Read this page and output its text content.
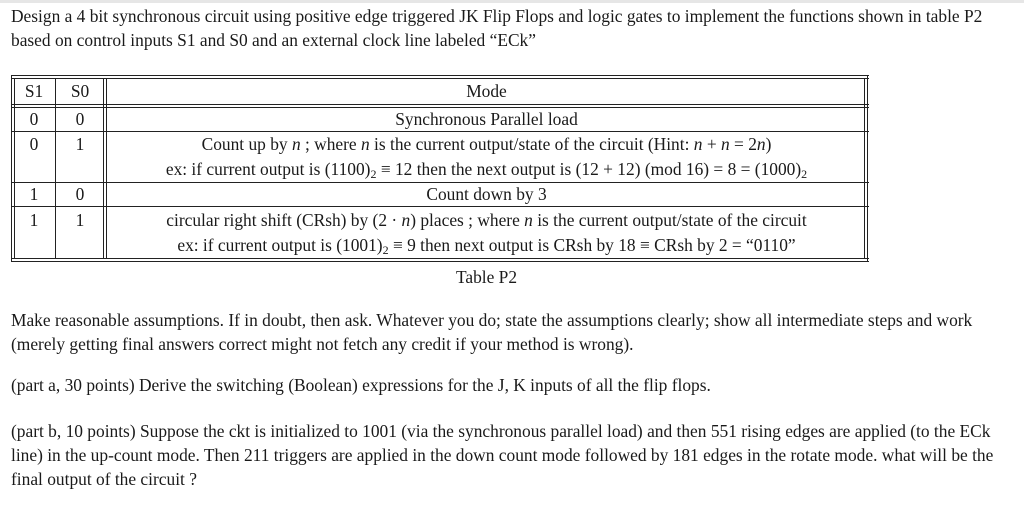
Design a 4 bit synchronous circuit using positive edge triggered JK Flip Flops and logic gates to implement the functions shown in table P2 based on control inputs S1 and S0 and an external clock line labeled “ECk”

S1	S0	Mode
0	0	Synchronous Parallel load
0	1	Count up by n ; where n is the current output/state of the circuit (Hint: n + n = 2n)
ex: if current output is $(1100)_2 \equiv 12$ then the next output is (12 + 12) (mod $16) = 8 = (1000)_2$
1	0	Count down by 3
1	1	circular right shift (CRsh) by (2 · n) places ; where n is the current output/state of the circuit
ex: if current output is $(1001)_2 \equiv 9$ then next output is CRsh by 18 ≡ CRsh by 2 = “0110”
Table P2

Make reasonable assumptions. If in doubt, then ask. Whatever you do; state the assumptions clearly; show all intermediate steps and work (merely getting final answers correct might not fetch any credit if your method is wrong).

(part a, 30 points) Derive the switching (Boolean) expressions for the J, K inputs of all the flip flops.

(part b, 10 points) Suppose the ckt is initialized to 1001 (via the synchronous parallel load) and then 551 rising edges are applied (to the ECk line) in the up-count mode. Then 211 triggers are applied in the down count mode followed by 181 edges in the rotate mode. what will be the final output of the circuit ?
